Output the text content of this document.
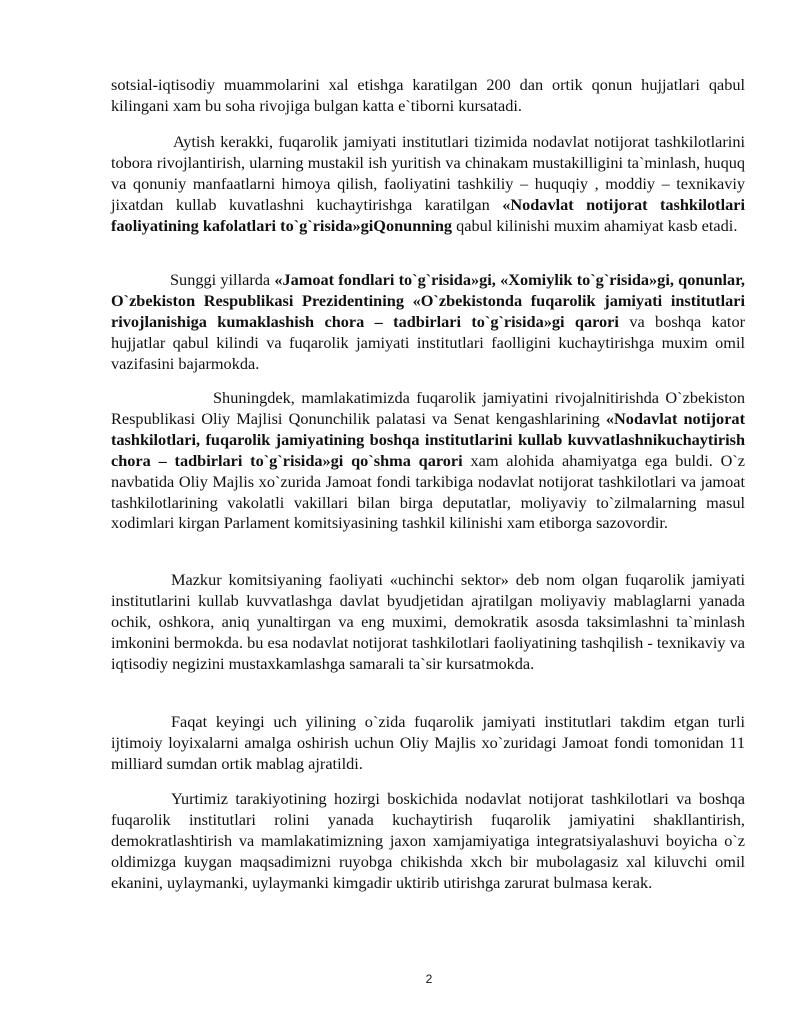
sotsial-iqtisodiy muammolarini xal etishga karatilgan 200 dan ortik qonun hujjatlari qabul kilingani xam bu soha rivojiga bulgan katta e`tiborni kursatadi.

Aytish kerakki, fuqarolik jamiyati institutlari tizimida nodavlat notijorat tashkilotlarini tobora rivojlantirish, ularning mustakil ish yuritish va chinakam mustakilligini ta`minlash, huquq va qonuniy manfaatlarni himoya qilish, faoliyatini tashkiliy – huquqiy , moddiy – texnikaviy jixatdan kullab kuvatlashni kuchaytirishga karatilgan «Nodavlat notijorat tashkilotlari faoliyatining kafolatlari to`g`risida»giQonunning qabul kilinishi muxim ahamiyat kasb etadi.

Sunggi yillarda «Jamoat fondlari to`g`risida»gi, «Xomiylik to`g`risida»gi, qonunlar, O`zbekiston Respublikasi Prezidentining «O`zbekistonda fuqarolik jamiyati institutlari rivojlanishiga kumaklashish chora – tadbirlari to`g`risida»gi qarori va boshqa kator hujjatlar qabul kilindi va fuqarolik jamiyati institutlari faolligini kuchaytirishga muxim omil vazifasini bajarmokda.

Shuningdek, mamlakatimizda fuqarolik jamiyatini rivojalnitirishda O`zbekiston Respublikasi Oliy Majlisi Qonunchilik palatasi va Senat kengashlarining «Nodavlat notijorat tashkilotlari, fuqarolik jamiyatining boshqa institutlarini kullab kuvvatlashnikuchaytirish chora – tadbirlari to`g`risida»gi qo`shma qarori xam alohida ahamiyatga ega buldi. O`z navbatida Oliy Majlis xo`zurida Jamoat fondi tarkibiga nodavlat notijorat tashkilotlari va jamoat tashkilotlarining vakolatli vakillari bilan birga deputatlar, moliyaviy to`zilmalarning masul xodimlari kirgan Parlament komitsiyasining tashkil kilinishi xam etiborga sazovordir.

Mazkur komitsiyaning faoliyati «uchinchi sektor» deb nom olgan fuqarolik jamiyati institutlarini kullab kuvvatlashga davlat byudjetidan ajratilgan moliyaviy mablaglarni yanada ochik, oshkora, aniq yunaltirgan va eng muximi, demokratik asosda taksimlashni ta`minlash imkonini bermokda. bu esa nodavlat notijorat tashkilotlari faoliyatining tashqilish - texnikaviy va iqtisodiy negizini mustaxkamlashga samarali ta`sir kursatmokda.

Faqat keyingi uch yilining o`zida fuqarolik jamiyati institutlari takdim etgan turli ijtimoiy loyixalarni amalga oshirish uchun Oliy Majlis xo`zuridagi Jamoat fondi tomonidan 11 milliard sumdan ortik mablag ajratildi.

Yurtimiz tarakiyotining hozirgi boskichida nodavlat notijorat tashkilotlari va boshqa fuqarolik institutlari rolini yanada kuchaytirish fuqarolik jamiyatini shakllantirish, demokratlashtirish va mamlakatimizning jaxon xamjamiyatiga integratsiyalashuvi boyicha o`z oldimizga kuygan maqsadimizni ruyobga chikishda xkch bir mubolagasiz xal kiluvchi omil ekanini, uylaymanki, uylaymanki kimgadir uktirib utirishga zarurat bulmasa kerak.

2
